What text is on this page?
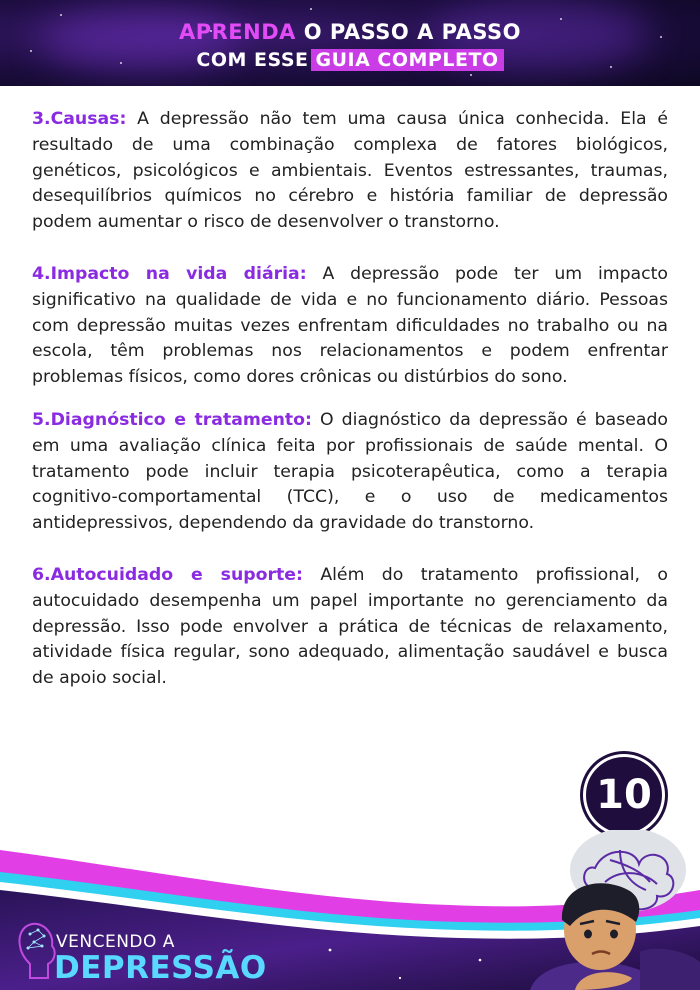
APRENDA O PASSO A PASSO
COM ESSE GUIA COMPLETO

3.Causas: A depressão não tem uma causa única conhecida. Ela é resultado de uma combinação complexa de fatores biológicos, genéticos, psicológicos e ambientais. Eventos estressantes, traumas, desequilíbrios químicos no cérebro e história familiar de depressão podem aumentar o risco de desenvolver o transtorno.

4.Impacto na vida diária: A depressão pode ter um impacto significativo na qualidade de vida e no funcionamento diário. Pessoas com depressão muitas vezes enfrentam dificuldades no trabalho ou na escola, têm problemas nos relacionamentos e podem enfrentar problemas físicos, como dores crônicas ou distúrbios do sono.

5.Diagnóstico e tratamento: O diagnóstico da depressão é baseado em uma avaliação clínica feita por profissionais de saúde mental. O tratamento pode incluir terapia psicoterapêutica, como a terapia cognitivo-comportamental (TCC), e o uso de medicamentos antidepressivos, dependendo da gravidade do transtorno.

6.Autocuidado e suporte: Além do tratamento profissional, o autocuidado desempenha um papel importante no gerenciamento da depressão. Isso pode envolver a prática de técnicas de relaxamento, atividade física regular, sono adequado, alimentação saudável e busca de apoio social.

10
VENCENDO A
DEPRESSÃO
